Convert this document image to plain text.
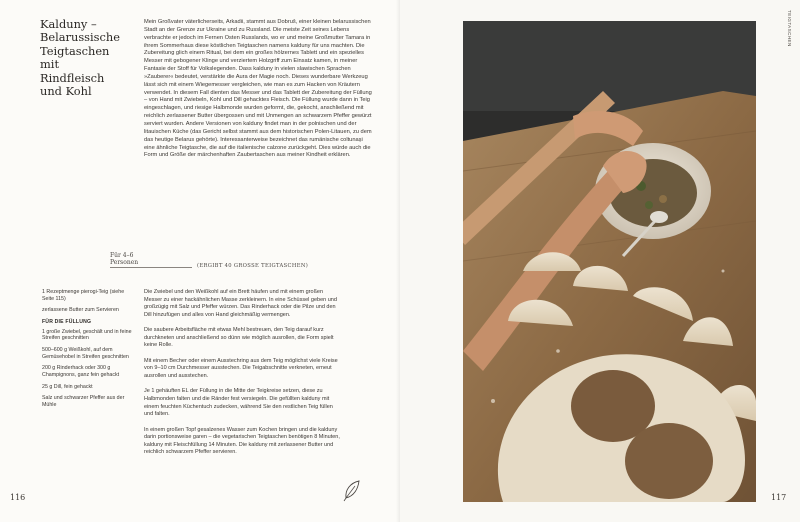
Kalduny –
Belarussische
Teigtaschen
mit Rindfleisch
und Kohl

Mein Großvater väterlicherseits, Arkadii, stammt aus Dobruš, einer kleinen belarussischen Stadt an der Grenze zur Ukraine und zu Russland. Die meiste Zeit seines Lebens verbrachte er jedoch im Fernen Osten Russlands, wo er und meine Großmutter Tamara in ihrem Sommerhaus diese köstlichen Teigtaschen namens kalduny für uns machten. Die Zubereitung glich einem Ritual, bei dem ein großes hölzernes Tablett und ein spezielles Messer mit gebogener Klinge und verziertem Holzgriff zum Einsatz kamen, in meiner Fantasie der Stoff für Volkslegenden. Dass kalduny in vielen slawischen Sprachen »Zauberer« bedeutet, verstärkte die Aura der Magie noch. Dieses wunderbare Werkzeug lässt sich mit einem Wiegemesser vergleichen, wie man es zum Hacken von Kräutern verwendet. In diesem Fall dienten das Messer und das Tablett der Zubereitung der Füllung – von Hand mit Zwiebeln, Kohl und Dill gehacktes Fleisch. Die Füllung wurde dann in Teig eingeschlagen, und riesige Halbmonde wurden geformt, die, gekocht, anschließend mit reichlich zerlassener Butter übergossen und mit Unmengen an schwarzem Pfeffer gewürzt serviert wurden. Andere Versionen von kalduny findet man in der polnischen und der litauischen Küche (das Gericht selbst stammt aus dem historischen Polen-Litauen, zu dem das heutige Belarus gehörte). Interessanterweise bezeichnet das rumänische coltunași eine ähnliche Teigtasche, die auf die italienische calzone zurückgeht. Dies würde auch die Form und Größe der märchenhaften Zaubertaschen aus meiner Kindheit erklären.

Für 4–6 Personen	(ERGIBT 40 GROSSE TEIGTASCHEN)
1 Rezeptmenge pierogi-Teig (siehe Seite 115)
zerlassene Butter zum Servieren
FÜR DIE FÜLLUNG
1 große Zwiebel, geschält und in feine Streifen geschnitten
500–600 g Weißkohl, auf dem Gemüsehobel in Streifen geschnitten
200 g Rinderhack oder 300 g Champignons, ganz fein gehackt
25 g Dill, fein gehackt
Salz und schwarzer Pfeffer aus der Mühle

Die Zwiebel und den Weißkohl auf ein Brett häufen und mit einem großen Messer zu einer hackähnlichen Masse zerkleinern. In eine Schüssel geben und großzügig mit Salz und Pfeffer würzen. Das Rinderhack oder die Pilze und den Dill hinzufügen und alles von Hand gleichmäßig vermengen.

Die saubere Arbeitsfläche mit etwas Mehl bestreuen, den Teig darauf kurz durchkneten und anschließend so dünn wie möglich ausrollen, die Form spielt keine Rolle.

Mit einem Becher oder einem Ausstechring aus dem Teig möglichst viele Kreise von 9–10 cm Durchmesser ausstechen. Die Teigabschnitte verkneten, erneut ausrollen und ausstechen.

Je 1 gehäuften EL der Füllung in die Mitte der Teigkreise setzen, diese zu Halbmonden falten und die Ränder fest versiegeln. Die gefüllten kalduny mit einem feuchten Küchentuch zudecken, während Sie den restlichen Teig füllen und falten.

In einem großen Topf gesalzenes Wasser zum Kochen bringen und die kalduny darin portionsweise garen – die vegetarischen Teigtaschen benötigen 8 Minuten, kalduny mit Fleischfüllung 14 Minuten. Die kalduny mit zerlassener Butter und reichlich schwarzem Pfeffer servieren.

116
TEIGTASCHEN
117
